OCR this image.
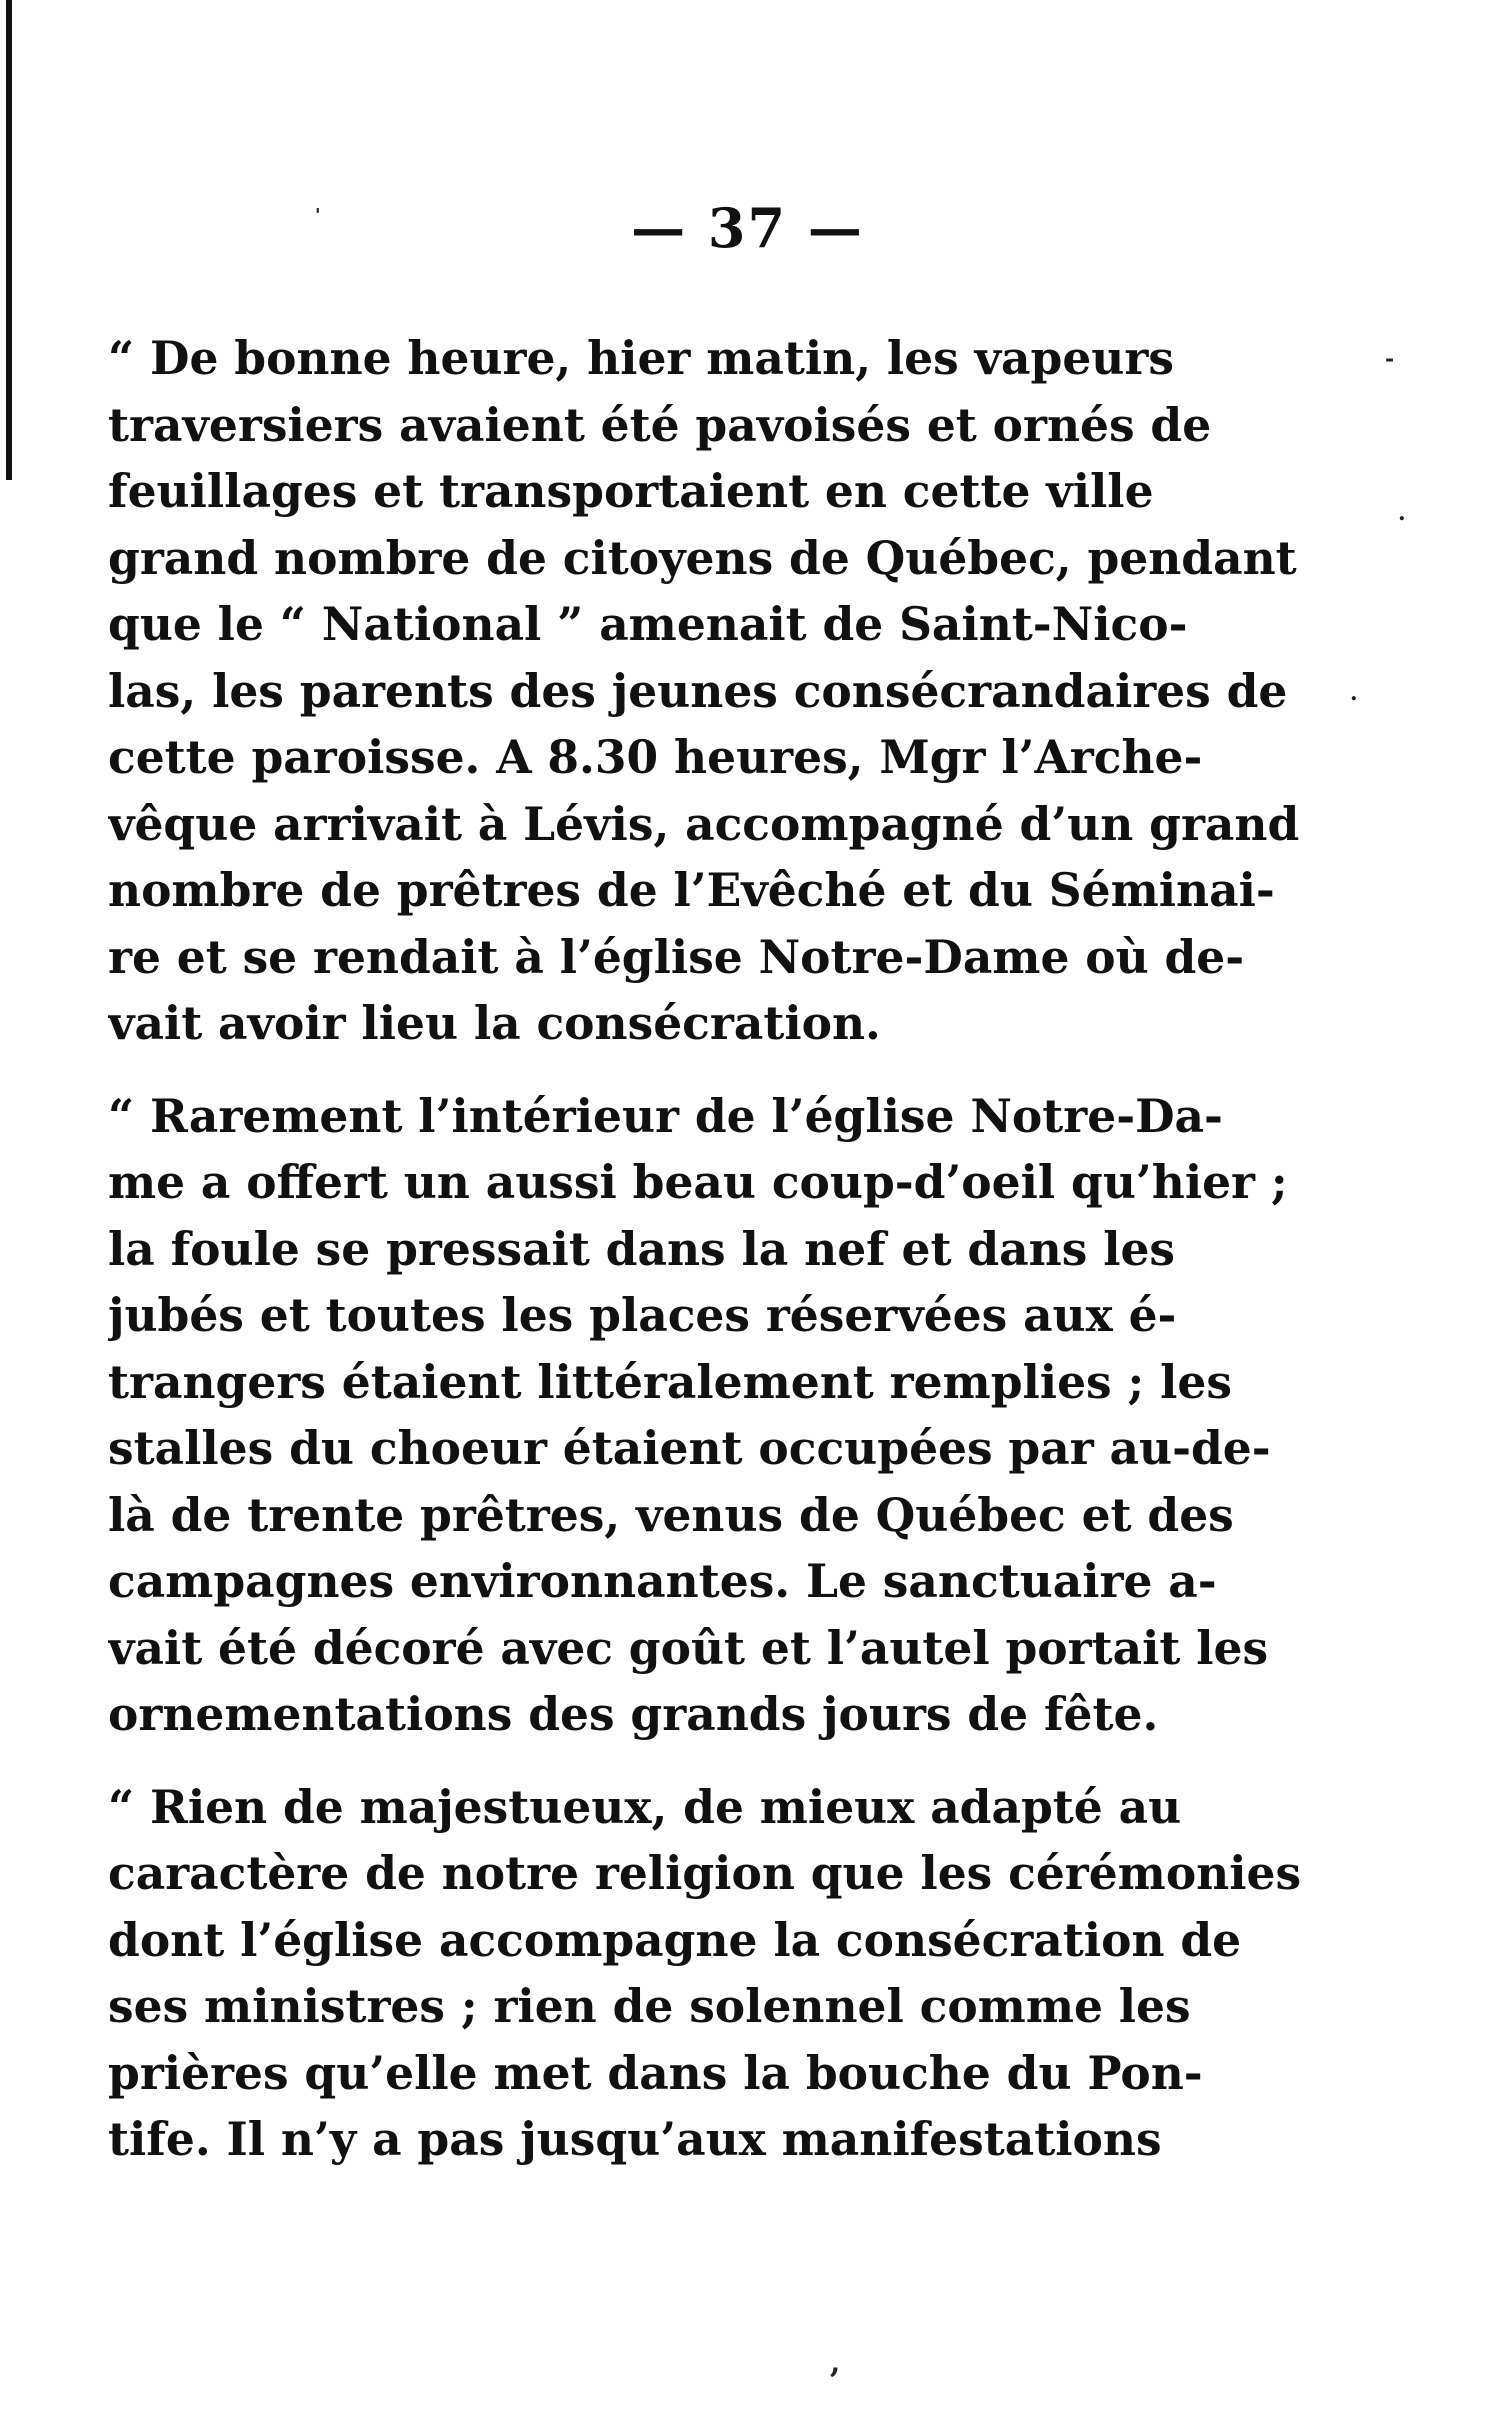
'
-
.
.
,
— 37 —

“ De bonne heure, hier matin, les vapeurs
traversiers avaient été pavoisés et ornés de
feuillages et transportaient en cette ville
grand nombre de citoyens de Québec, pendant
que le “ National ” amenait de Saint-Nico-
las, les parents des jeunes consécrandaires de
cette paroisse. A 8.30 heures, Mgr l’Arche-
vêque arrivait à Lévis, accompagné d’un grand
nombre de prêtres de l’Evêché et du Séminai-
re et se rendait à l’église Notre-Dame où de-
vait avoir lieu la consécration.

“ Rarement l’intérieur de l’église Notre-Da-
me a offert un aussi beau coup-d’oeil qu’hier ;
la foule se pressait dans la nef et dans les
jubés et toutes les places réservées aux é-
trangers étaient littéralement remplies ; les
stalles du choeur étaient occupées par au-de-
là de trente prêtres, venus de Québec et des
campagnes environnantes. Le sanctuaire a-
vait été décoré avec goût et l’autel portait les
ornementations des grands jours de fête.

“ Rien de majestueux, de mieux adapté au
caractère de notre religion que les cérémonies
dont l’église accompagne la consécration de
ses ministres ; rien de solennel comme les
prières qu’elle met dans la bouche du Pon-
tife. Il n’y a pas jusqu’aux manifestations
